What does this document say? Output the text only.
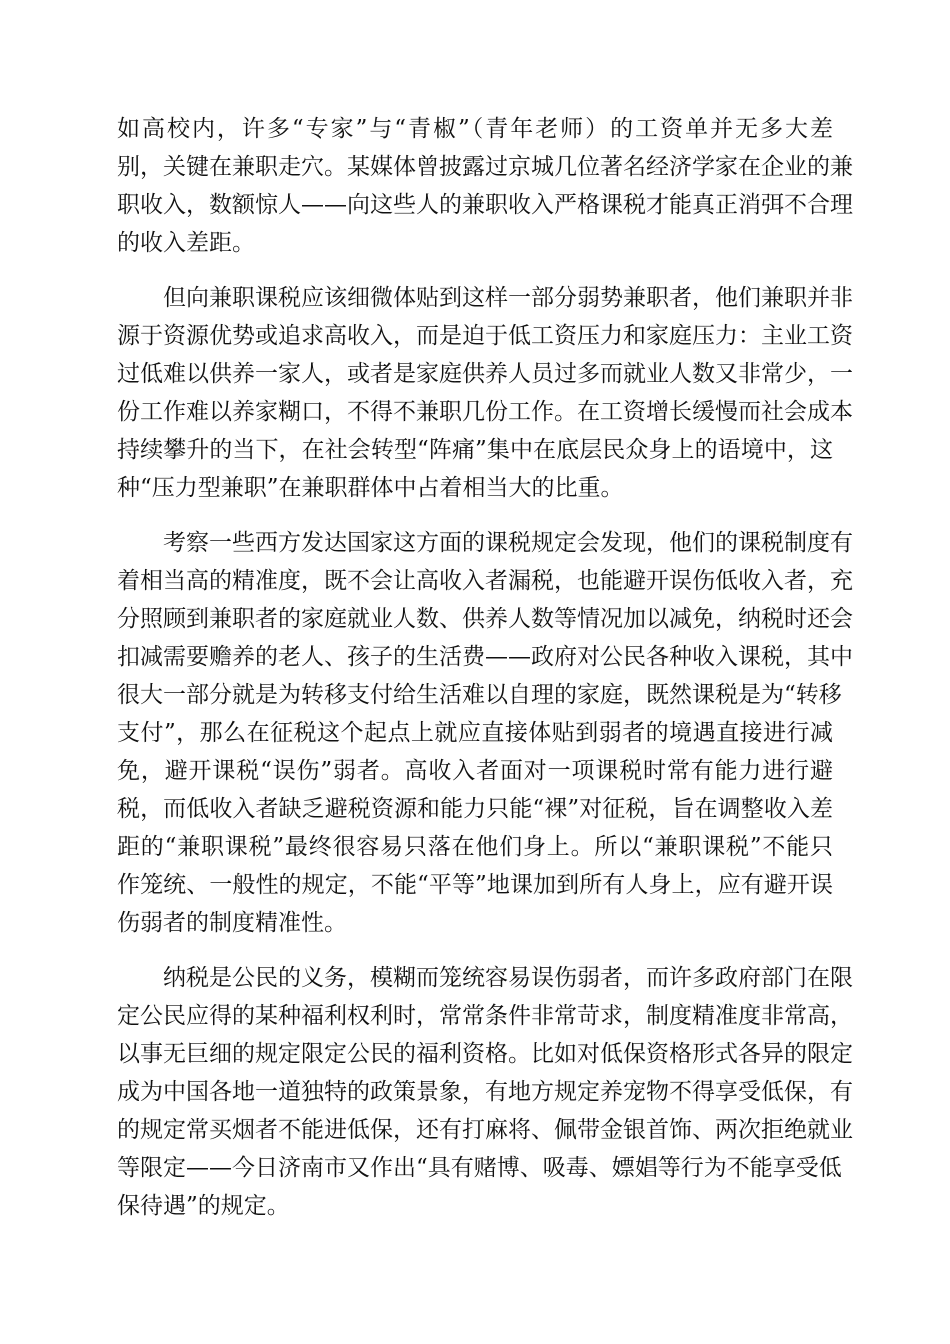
如高校内，许多“专家”与“青椒”（青年老师）的工资单并无多大差
别，关键在兼职走穴。某媒体曾披露过京城几位著名经济学家在企业的兼
职收入，数额惊人——向这些人的兼职收入严格课税才能真正消弭不合理
的收入差距。
但向兼职课税应该细微体贴到这样一部分弱势兼职者，他们兼职并非
源于资源优势或追求高收入，而是迫于低工资压力和家庭压力：主业工资
过低难以供养一家人，或者是家庭供养人员过多而就业人数又非常少，一
份工作难以养家糊口，不得不兼职几份工作。在工资增长缓慢而社会成本
持续攀升的当下，在社会转型“阵痛”集中在底层民众身上的语境中，这
种“压力型兼职”在兼职群体中占着相当大的比重。
考察一些西方发达国家这方面的课税规定会发现，他们的课税制度有
着相当高的精准度，既不会让高收入者漏税，也能避开误伤低收入者，充
分照顾到兼职者的家庭就业人数、供养人数等情况加以减免，纳税时还会
扣减需要赡养的老人、孩子的生活费——政府对公民各种收入课税，其中
很大一部分就是为转移支付给生活难以自理的家庭，既然课税是为“转移
支付”，那么在征税这个起点上就应直接体贴到弱者的境遇直接进行减
免，避开课税“误伤”弱者。高收入者面对一项课税时常有能力进行避
税，而低收入者缺乏避税资源和能力只能“裸”对征税，旨在调整收入差
距的“兼职课税”最终很容易只落在他们身上。所以“兼职课税”不能只
作笼统、一般性的规定，不能“平等”地课加到所有人身上，应有避开误
伤弱者的制度精准性。
纳税是公民的义务，模糊而笼统容易误伤弱者，而许多政府部门在限
定公民应得的某种福利权利时，常常条件非常苛求，制度精准度非常高，
以事无巨细的规定限定公民的福利资格。比如对低保资格形式各异的限定
成为中国各地一道独特的政策景象，有地方规定养宠物不得享受低保，有
的规定常买烟者不能进低保，还有打麻将、佩带金银首饰、两次拒绝就业
等限定——今日济南市又作出“具有赌博、吸毒、嫖娼等行为不能享受低
保待遇”的规定。
